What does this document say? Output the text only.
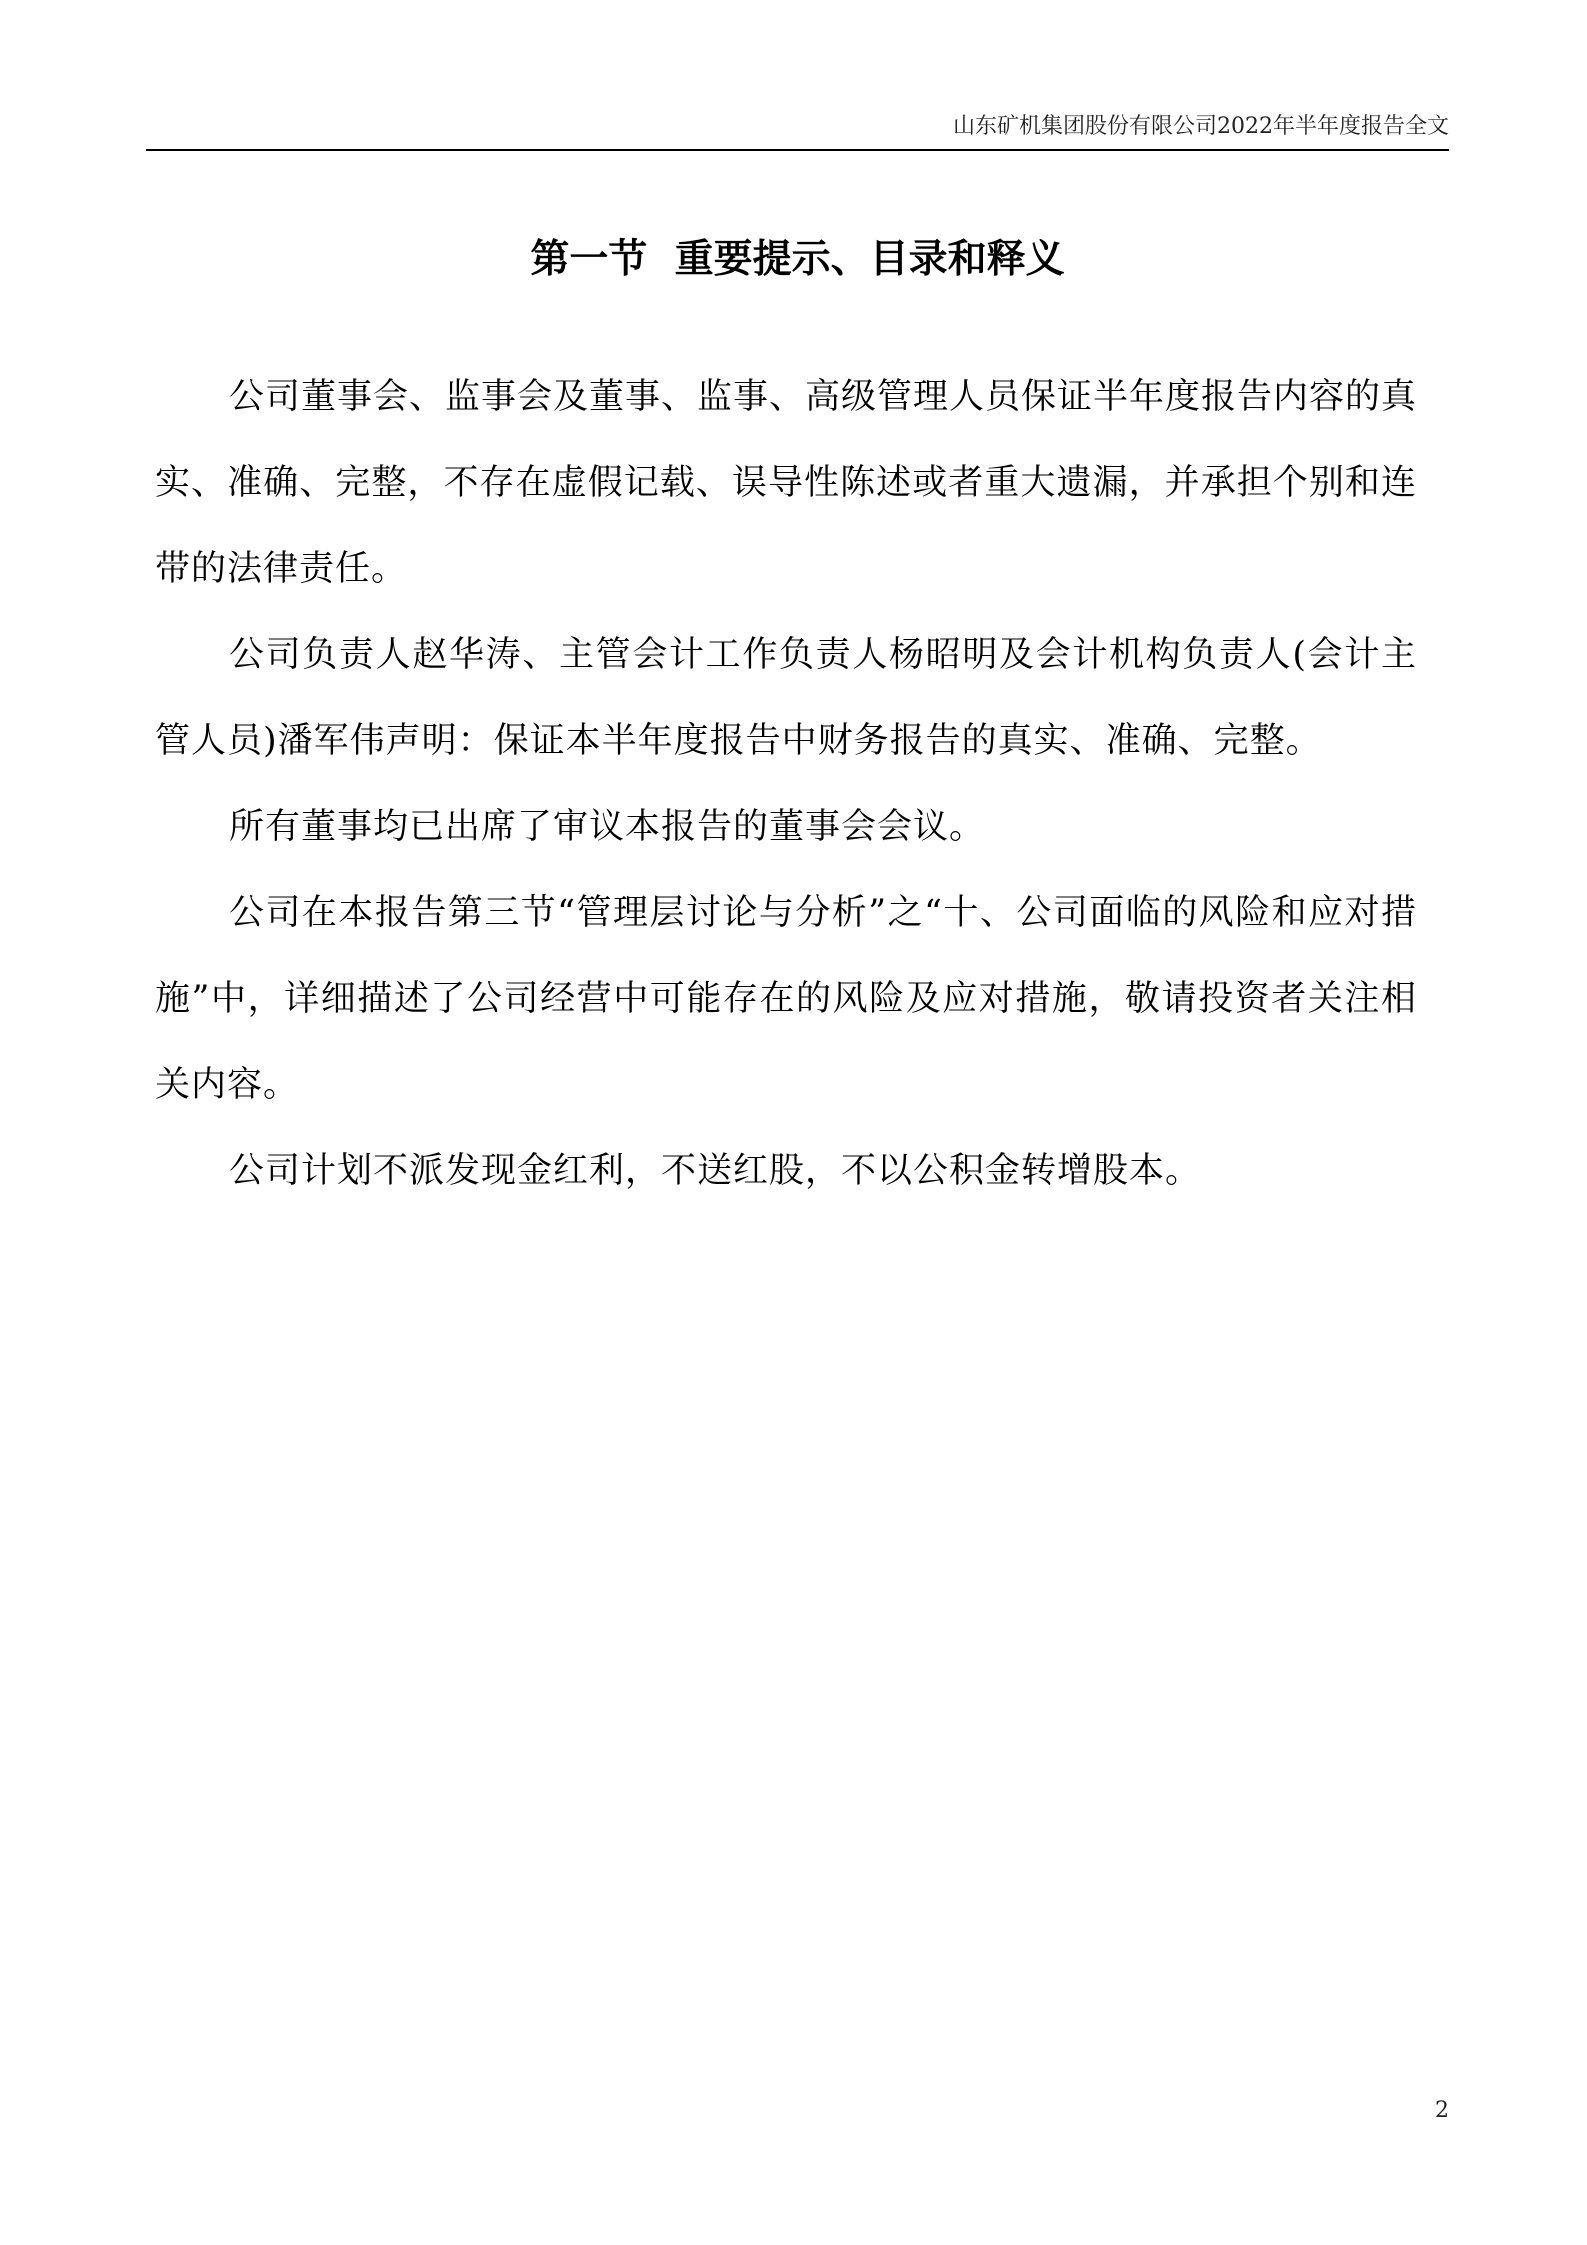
山东矿机集团股份有限公司2022年半年度报告全文
第一节  重要提示、目录和释义

公司董事会、监事会及董事、监事、高级管理人员保证半年度报告内容的真实、准确、完整，不存在虚假记载、误导性陈述或者重大遗漏，并承担个别和连带的法律责任。

公司负责人赵华涛、主管会计工作负责人杨昭明及会计机构负责人(会计主管人员)潘军伟声明：保证本半年度报告中财务报告的真实、准确、完整。

所有董事均已出席了审议本报告的董事会会议。

公司在本报告第三节“管理层讨论与分析”之“十、公司面临的风险和应对措施”中，详细描述了公司经营中可能存在的风险及应对措施，敬请投资者关注相关内容。

公司计划不派发现金红利，不送红股，不以公积金转增股本。

2
